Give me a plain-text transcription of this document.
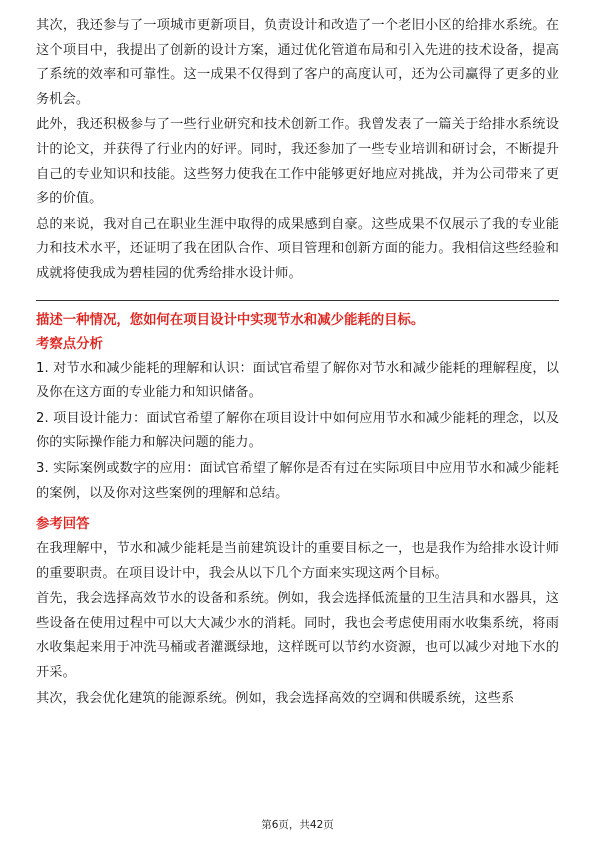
其次，我还参与了一项城市更新项目，负责设计和改造了一个老旧小区的给排水系统。在这个项目中，我提出了创新的设计方案，通过优化管道布局和引入先进的技术设备，提高了系统的效率和可靠性。这一成果不仅得到了客户的高度认可，还为公司赢得了更多的业务机会。

此外，我还积极参与了一些行业研究和技术创新工作。我曾发表了一篇关于给排水系统设计的论文，并获得了行业内的好评。同时，我还参加了一些专业培训和研讨会，不断提升自己的专业知识和技能。这些努力使我在工作中能够更好地应对挑战，并为公司带来了更多的价值。

总的来说，我对自己在职业生涯中取得的成果感到自豪。这些成果不仅展示了我的专业能力和技术水平，还证明了我在团队合作、项目管理和创新方面的能力。我相信这些经验和成就将使我成为碧桂园的优秀给排水设计师。

描述一种情况，您如何在项目设计中实现节水和减少能耗的目标。
考察点分析

1. 对节水和减少能耗的理解和认识：面试官希望了解你对节水和减少能耗的理解程度，以及你在这方面的专业能力和知识储备。

2. 项目设计能力：面试官希望了解你在项目设计中如何应用节水和减少能耗的理念，以及你的实际操作能力和解决问题的能力。

3. 实际案例或数字的应用：面试官希望了解你是否有过在实际项目中应用节水和减少能耗的案例，以及你对这些案例的理解和总结。

参考回答

在我理解中，节水和减少能耗是当前建筑设计的重要目标之一，也是我作为给排水设计师的重要职责。在项目设计中，我会从以下几个方面来实现这两个目标。

首先，我会选择高效节水的设备和系统。例如，我会选择低流量的卫生洁具和水器具，这些设备在使用过程中可以大大减少水的消耗。同时，我也会考虑使用雨水收集系统，将雨水收集起来用于冲洗马桶或者灌溉绿地，这样既可以节约水资源，也可以减少对地下水的开采。

其次，我会优化建筑的能源系统。例如，我会选择高效的空调和供暖系统，这些系

第6页，共42页
